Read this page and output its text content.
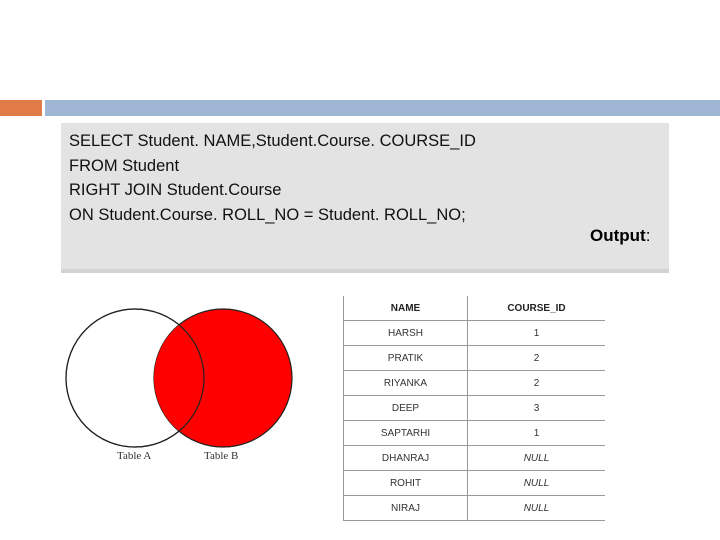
SELECT Student. NAME,Student.Course. COURSE_ID
FROM Student
RIGHT JOIN Student.Course
ON Student.Course. ROLL_NO = Student. ROLL_NO;
Output:
Table A	Table B
NAME	COURSE_ID
HARSH	1
PRATIK	2
RIYANKA	2
DEEP	3
SAPTARHI	1
DHANRAJ	NULL
ROHIT	NULL
NIRAJ	NULL
